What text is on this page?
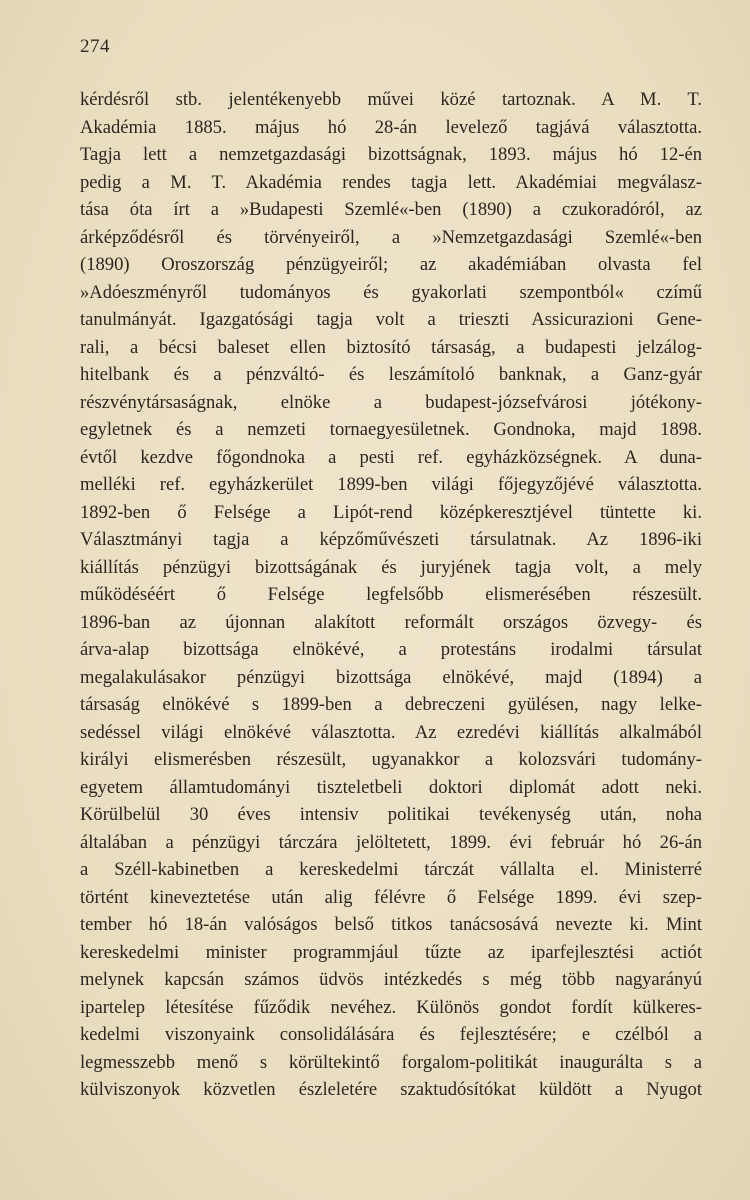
274
kérdésről stb. jelentékenyebb művei közé tartoznak. A M. T.
Akadémia 1885. május hó 28-án levelező tagjává választotta.
Tagja lett a nemzetgazdasági bizottságnak, 1893. május hó 12-én
pedig a M. T. Akadémia rendes tagja lett. Akadémiai megválasz-
tása óta írt a »Budapesti Szemlé«-ben (1890) a czukoradóról, az
árképződésről és törvényeiről, a »Nemzetgazdasági Szemlé«-ben
(1890) Oroszország pénzügyeiről; az akadémiában olvasta fel
»Adóeszményről tudományos és gyakorlati szempontból« czímű
tanulmányát. Igazgatósági tagja volt a trieszti Assicurazioni Gene-
rali, a bécsi baleset ellen biztosító társaság, a budapesti jelzálog-
hitelbank és a pénzváltó- és leszámítoló banknak, a Ganz-gyár
részvénytársaságnak, elnöke a budapest-józsefvárosi jótékony-
egyletnek és a nemzeti tornaegyesületnek. Gondnoka, majd 1898.
évtől kezdve főgondnoka a pesti ref. egyházközségnek. A duna-
melléki ref. egyházkerület 1899-ben világi főjegyzőjévé választotta.
1892-ben ő Felsége a Lipót-rend középkeresztjével tüntette ki.
Választmányi tagja a képzőművészeti társulatnak. Az 1896-iki
kiállítás pénzügyi bizottságának és juryjének tagja volt, a mely
működéséért ő Felsége legfelsőbb elismerésében részesült.
1896-ban az újonnan alakított reformált országos özvegy- és
árva-alap bizottsága elnökévé, a protestáns irodalmi társulat
megalakulásakor pénzügyi bizottsága elnökévé, majd (1894) a
társaság elnökévé s 1899-ben a debreczeni gyülésen, nagy lelke-
sedéssel világi elnökévé választotta. Az ezredévi kiállítás alkalmából
királyi elismerésben részesült, ugyanakkor a kolozsvári tudomány-
egyetem államtudományi tiszteletbeli doktori diplomát adott neki.
Körülbelül 30 éves intensiv politikai tevékenység után, noha
általában a pénzügyi tárczára jelöltetett, 1899. évi február hó 26-án
a Széll-kabinetben a kereskedelmi tárczát vállalta el. Ministerré
történt kineveztetése után alig félévre ő Felsége 1899. évi szep-
tember hó 18-án valóságos belső titkos tanácsosává nevezte ki. Mint
kereskedelmi minister programmjául tűzte az iparfejlesztési actiót
melynek kapcsán számos üdvös intézkedés s még több nagyarányú
ipartelep létesítése fűződik nevéhez. Különös gondot fordít külkeres-
kedelmi viszonyaink consolidálására és fejlesztésére; e czélból a
legmesszebb menő s körültekintő forgalom-politikát inaugurálta s a
külviszonyok közvetlen észleletére szaktudósítókat küldött a Nyugot
